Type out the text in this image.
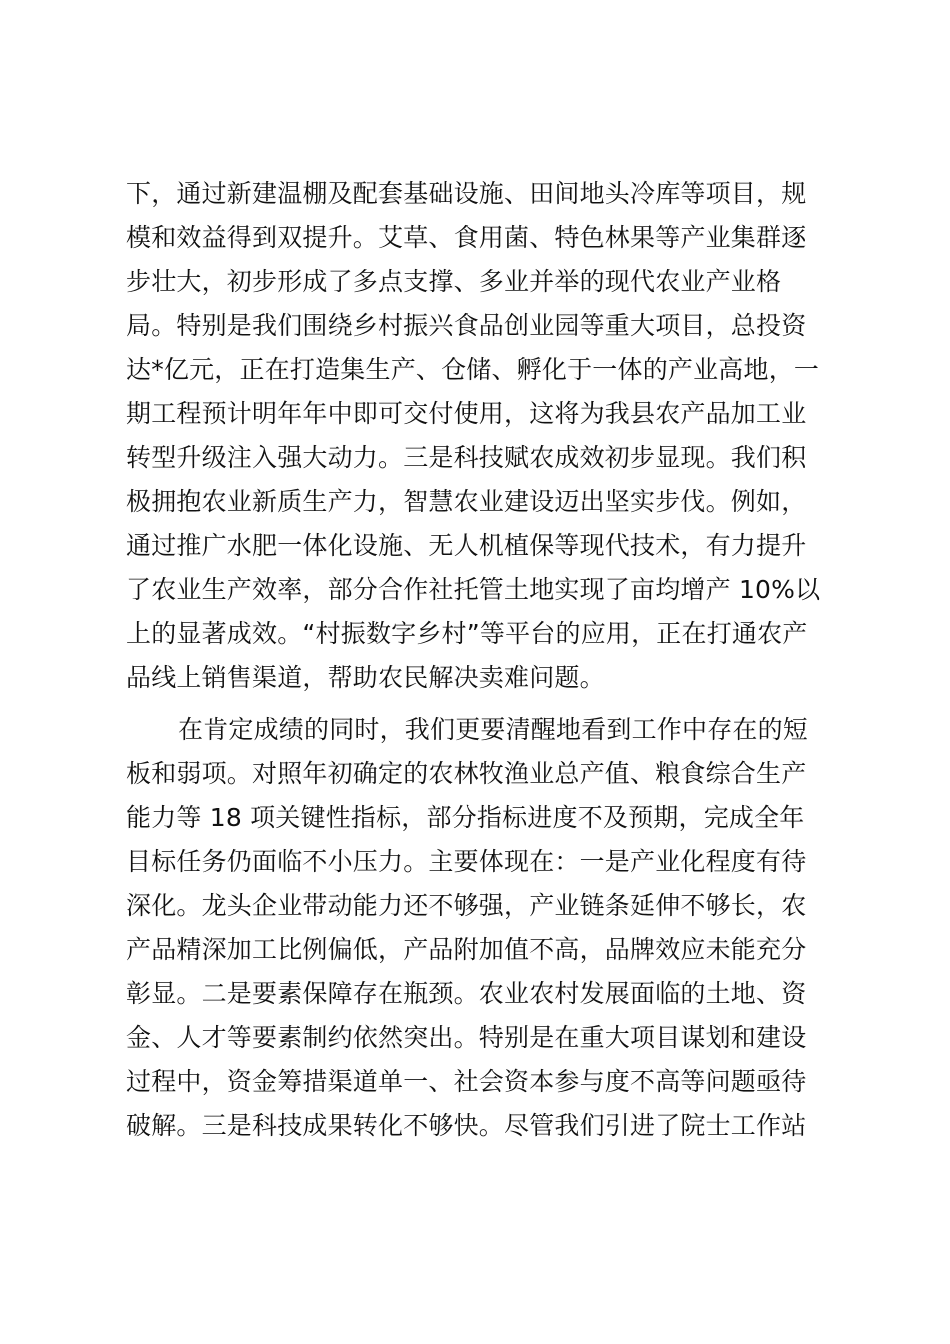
下，通过新建温棚及配套基础设施、田间地头冷库等项目，规
模和效益得到双提升。艾草、食用菌、特色林果等产业集群逐
步壮大，初步形成了多点支撑、多业并举的现代农业产业格
局。特别是我们围绕乡村振兴食品创业园等重大项目，总投资
达*亿元，正在打造集生产、仓储、孵化于一体的产业高地，一
期工程预计明年年中即可交付使用，这将为我县农产品加工业
转型升级注入强大动力。三是科技赋农成效初步显现。我们积
极拥抱农业新质生产力，智慧农业建设迈出坚实步伐。例如，
通过推广水肥一体化设施、无人机植保等现代技术，有力提升
了农业生产效率，部分合作社托管土地实现了亩均增产 10%以
上的显著成效。“村振数字乡村”等平台的应用，正在打通农产
品线上销售渠道，帮助农民解决卖难问题。
在肯定成绩的同时，我们更要清醒地看到工作中存在的短
板和弱项。对照年初确定的农林牧渔业总产值、粮食综合生产
能力等 18 项关键性指标，部分指标进度不及预期，完成全年
目标任务仍面临不小压力。主要体现在：一是产业化程度有待
深化。龙头企业带动能力还不够强，产业链条延伸不够长，农
产品精深加工比例偏低，产品附加值不高，品牌效应未能充分
彰显。二是要素保障存在瓶颈。农业农村发展面临的土地、资
金、人才等要素制约依然突出。特别是在重大项目谋划和建设
过程中，资金筹措渠道单一、社会资本参与度不高等问题亟待
破解。三是科技成果转化不够快。尽管我们引进了院士工作站
